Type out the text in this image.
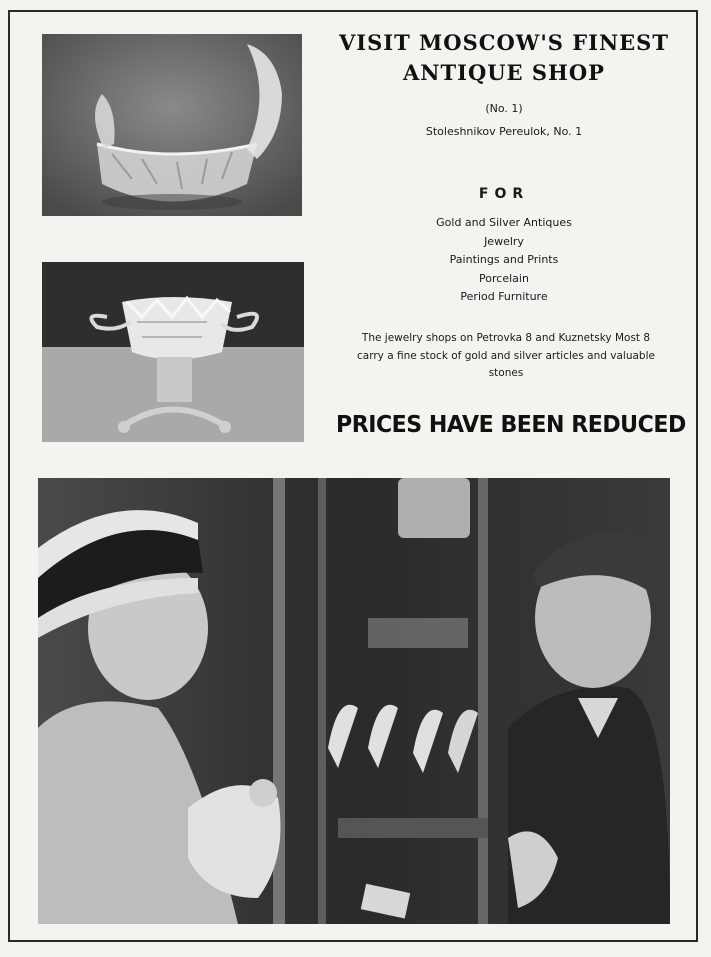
VISIT MOSCOW'S FINEST

ANTIQUE SHOP

(No. 1)

Stoleshnikov Pereulok, No. 1

FOR

Gold and Silver Antiques
Jewelry
Paintings and Prints
Porcelain
Period Furniture
The jewelry shops on Petrovka 8 and Kuznetsky Most 8
carry a fine stock of gold and silver articles and valuable
stones
PRICES HAVE BEEN REDUCED
